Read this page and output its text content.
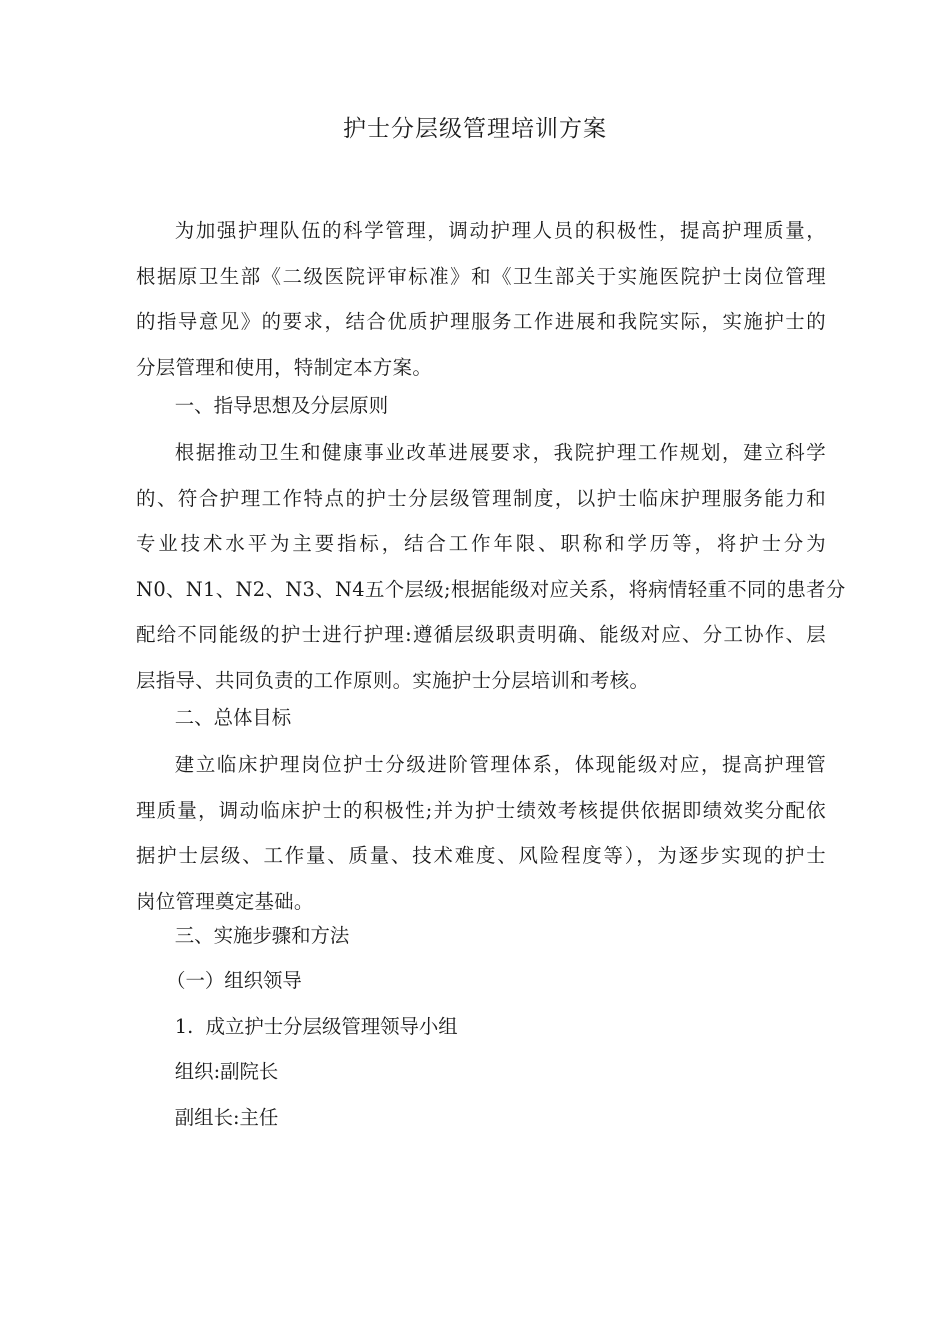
护士分层级管理培训方案
为加强护理队伍的科学管理，调动护理人员的积极性，提高护理质量，
根据原卫生部《二级医院评审标准》和《卫生部关于实施医院护士岗位管理
的指导意见》的要求，结合优质护理服务工作进展和我院实际，实施护士的
分层管理和使用，特制定本方案。
一、指导思想及分层原则
根据推动卫生和健康事业改革进展要求，我院护理工作规划，建立科学
的、符合护理工作特点的护士分层级管理制度，以护士临床护理服务能力和
专业技术水平为主要指标，结合工作年限、职称和学历等，将护士分为
N0、N1、N2、N3、N4五个层级;根据能级对应关系，将病情轻重不同的患者分
配给不同能级的护士进行护理:遵循层级职责明确、能级对应、分工协作、层
层指导、共同负责的工作原则。实施护士分层培训和考核。
二、总体目标
建立临床护理岗位护士分级进阶管理体系，体现能级对应，提高护理管
理质量，调动临床护士的积极性;并为护士绩效考核提供依据即绩效奖分配依
据护士层级、工作量、质量、技术难度、风险程度等），为逐步实现的护士
岗位管理奠定基础。
三、实施步骤和方法
（一）组织领导
1.  成立护士分层级管理领导小组
组织:副院长
副组长:主任
